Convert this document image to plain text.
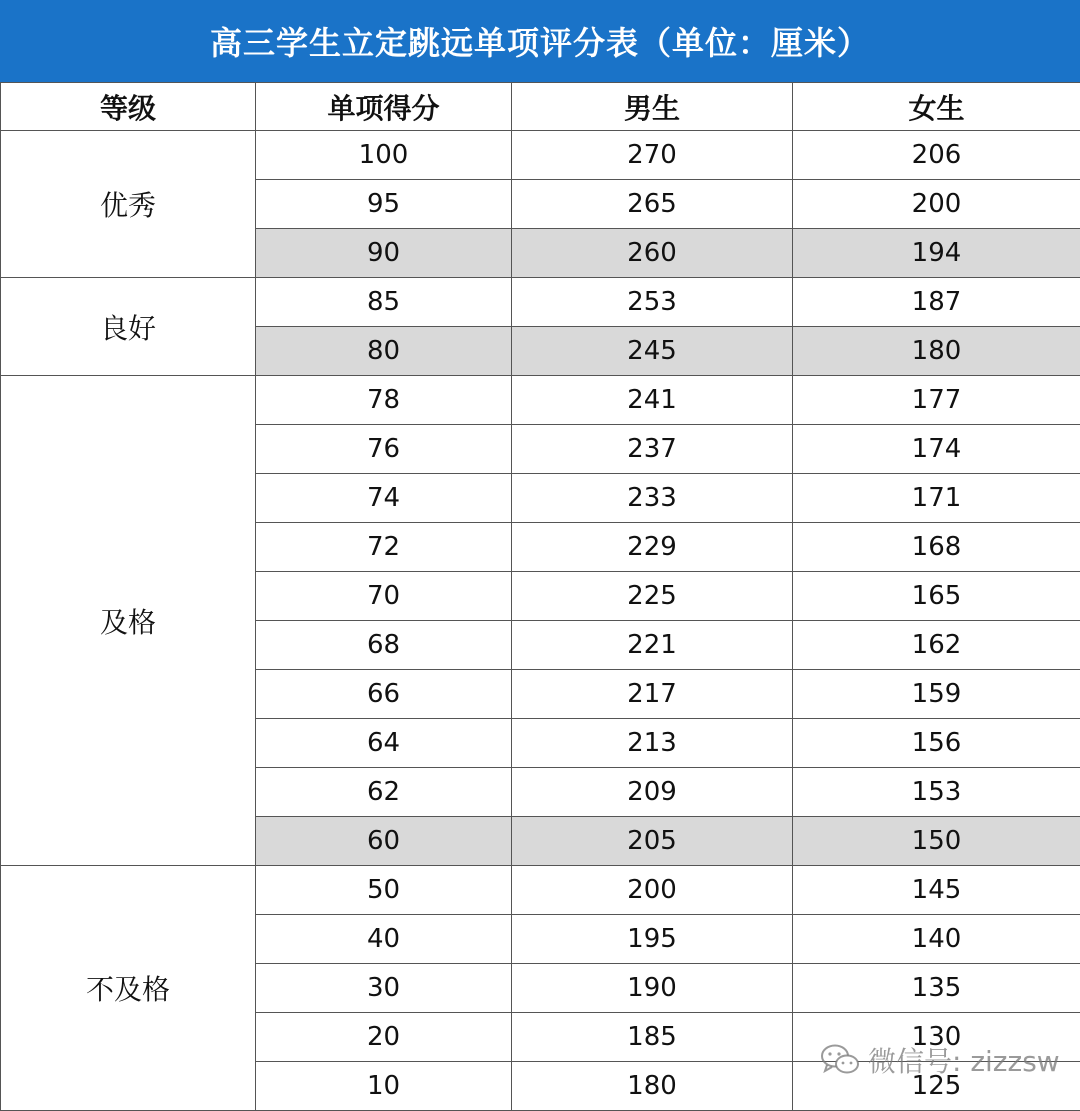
高三学生立定跳远单项评分表（单位：厘米）
等级	单项得分	男生	女生
优秀	100	270	206
	95	265	200
	90	260	194
良好	85	253	187
	80	245	180
及格	78	241	177
	76	237	174
	74	233	171
	72	229	168
	70	225	165
	68	221	162
	66	217	159
	64	213	156
	62	209	153
	60	205	150
不及格	50	200	145
	40	195	140
	30	190	135
	20	185	130
	10	180	125
微信号: zizzsw
